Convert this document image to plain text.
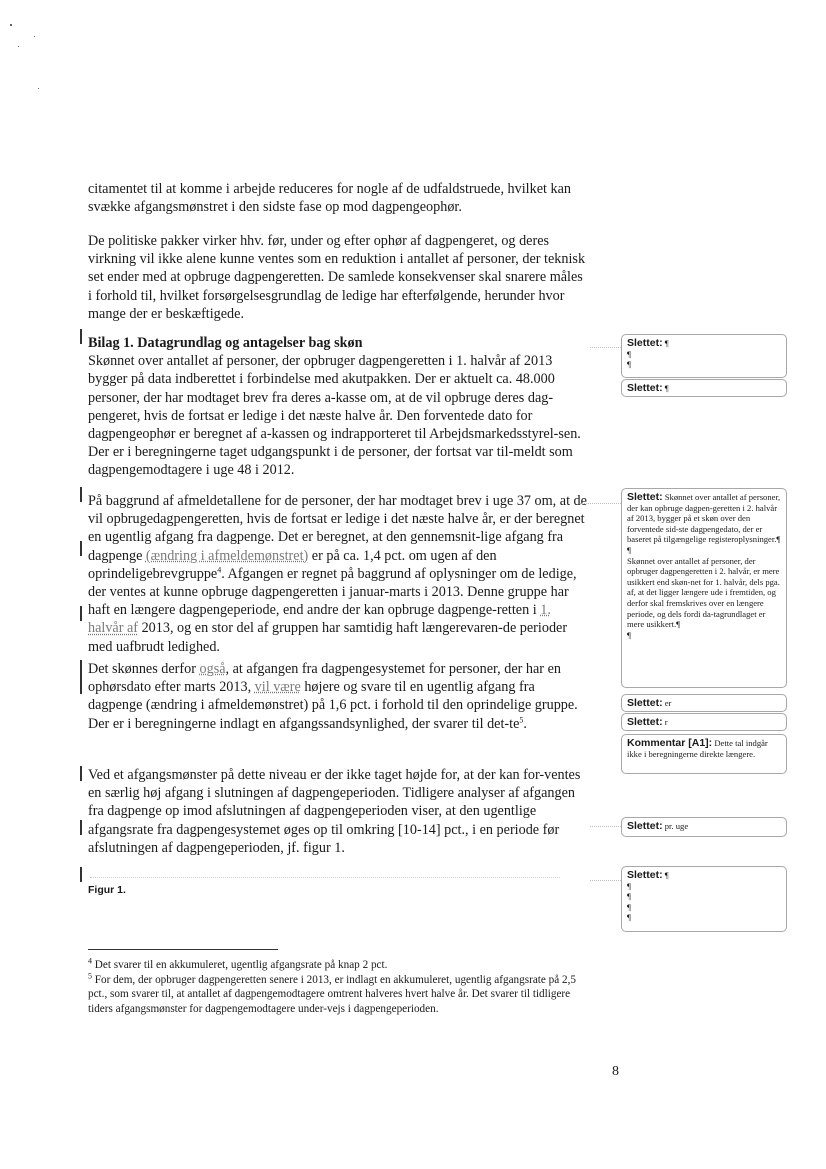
citamentet til at komme i arbejde reduceres for nogle af de udfaldstruede, hvilket kan svække afgangsmønstret i den sidste fase op mod dagpengeophør.

De politiske pakker virker hhv. før, under og efter ophør af dagpengeret, og deres virkning vil ikke alene kunne ventes som en reduktion i antallet af personer, der teknisk set ender med at opbruge dagpengeretten. De samlede konsekvenser skal snarere måles i forhold til, hvilket forsørgelsesgrundlag de ledige har efterfølgende, herunder hvor mange der er beskæftigede.

Bilag 1. Datagrundlag og antagelser bag skøn

Skønnet over antallet af personer, der opbruger dagpengeretten i 1. halvår af 2013 bygger på data indberettet i forbindelse med akutpakken. Der er aktuelt ca. 48.000 personer, der har modtaget brev fra deres a-kasse om, at de vil opbruge deres dag-pengeret, hvis de fortsat er ledige i det næste halve år. Den forventede dato for dagpengeophør er beregnet af a-kassen og indrapporteret til Arbejdsmarkedsstyrel-sen. Der er i beregningerne taget udgangspunkt i de personer, der fortsat var til-meldt som dagpengemodtagere i uge 48 i 2012.

På baggrund af afmeldetallene for de personer, der har modtaget brev i uge 37 om, at de vil opbrugedagpengeretten, hvis de fortsat er ledige i det næste halve år, er der beregnet en ugentlig afgang fra dagpenge. Det er beregnet, at den gennemsnit-lige afgang fra dagpenge (ændring i afmeldemønstret) er på ca. 1,4 pct. om ugen af den oprindeligebrevgruppe$^4$. Afgangen er regnet på baggrund af oplysninger om de ledige, der ventes at kunne opbruge dagpengeretten i januar-marts i 2013. Denne gruppe har haft en længere dagpengeperiode, end andre der kan opbruge dagpenge-retten i 1. halvår af 2013, og en stor del af gruppen har samtidig haft længerevaren-de perioder med uafbrudt ledighed.

Det skønnes derfor også, at afgangen fra dagpengesystemet for personer, der har en ophørsdato efter marts 2013, vil være højere og svare til en ugentlig afgang fra dagpenge (ændring i afmeldemønstret) på 1,6 pct. i forhold til den oprindelige gruppe. Der er i beregningerne indlagt en afgangssandsynlighed, der svarer til $\det-te^5$.

Ved et afgangsmønster på dette niveau er der ikke taget højde for, at der kan for-ventes en særlig høj afgang i slutningen af dagpengeperioden. Tidligere analyser af afgangen fra dagpenge op imod afslutningen af dagpengeperioden viser, at den ugentlige afgangsrate fra dagpengesystemet øges op til omkring [10-14] pct., i en periode før afslutningen af dagpengeperioden, jf. figur 1.

Figur 1.

$^4$ Det svarer til en akkumuleret, ugentlig afgangsrate på knap 2 pct.

$^5$ For dem, der opbruger dagpengeretten senere i 2013, er indlagt en akkumuleret, ugentlig afgangsrate på 2,5 pct., som svarer til, at antallet af dagpengemodtagere omtrent halveres hvert halve år. Det svarer til tidligere tiders afgangsmønster for dagpengemodtagere under-vejs i dagpengeperioden.

8
Slettet: ¶
¶
¶
Slettet: ¶
Slettet: Skønnet over antallet af personer, der kan opbruge dagpen-geretten i 2. halvår af 2013, bygger på et skøn over den forventede sid-ste dagpengedato, der er baseret på tilgængelige registeroplysninger.¶
¶
Skønnet over antallet af personer, der opbruger dagpengeretten i 2. halvår, er mere usikkert end skøn-net for 1. halvår, dels pga. af, at det ligger længere ude i fremtiden, og derfor skal fremskrives over en længere periode, og dels fordi da-tagrundlaget er mere usikkert.¶
¶
Slettet: er
Slettet: r
Kommentar [A1]: Dette tal indgår ikke i beregningerne direkte længere.
Slettet: pr. uge
Slettet: ¶
¶
¶
¶
¶
